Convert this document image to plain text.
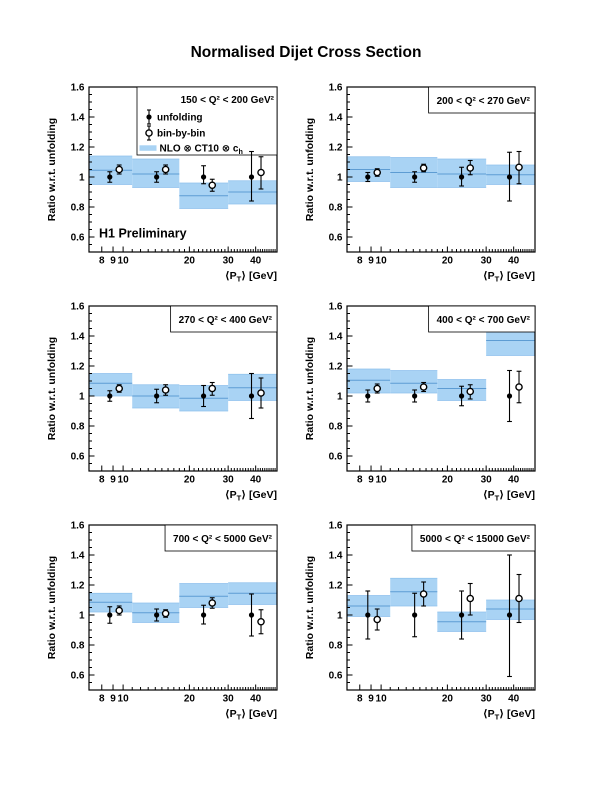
Normalised Dijet Cross Section
8 9 10	20	30 40
0.6
0.8
1
1.2
1.4
1.6
$⟨P_T⟩$ [GeV]
Ratio w.r.t. unfolding
150 < Q² < 200 GeV²
unfolding
bin-by-bin
NLO ⊗ CT10 ⊗ $c_h$
H1 Preliminary
8 9 10	20	30 40
0.6
0.8
1
1.2
1.4
1.6
$⟨P_T⟩$ [GeV]
Ratio w.r.t. unfolding
200 < Q² < 270 GeV²
8 9 10	20	30 40
0.6
0.8
1
1.2
1.4
1.6
$⟨P_T⟩$ [GeV]
Ratio w.r.t. unfolding
270 < Q² < 400 GeV²
8 9 10	20	30 40
0.6
0.8
1
1.2
1.4
1.6
$⟨P_T⟩$ [GeV]
Ratio w.r.t. unfolding
400 < Q² < 700 GeV²
8 9 10	20	30 40
0.6
0.8
1
1.2
1.4
1.6
$⟨P_T⟩$ [GeV]
Ratio w.r.t. unfolding
700 < Q² < 5000 GeV²
8 9 10	20	30 40
0.6
0.8
1
1.2
1.4
1.6
$⟨P_T⟩$ [GeV]
Ratio w.r.t. unfolding
5000 < Q² < 15000 GeV²
